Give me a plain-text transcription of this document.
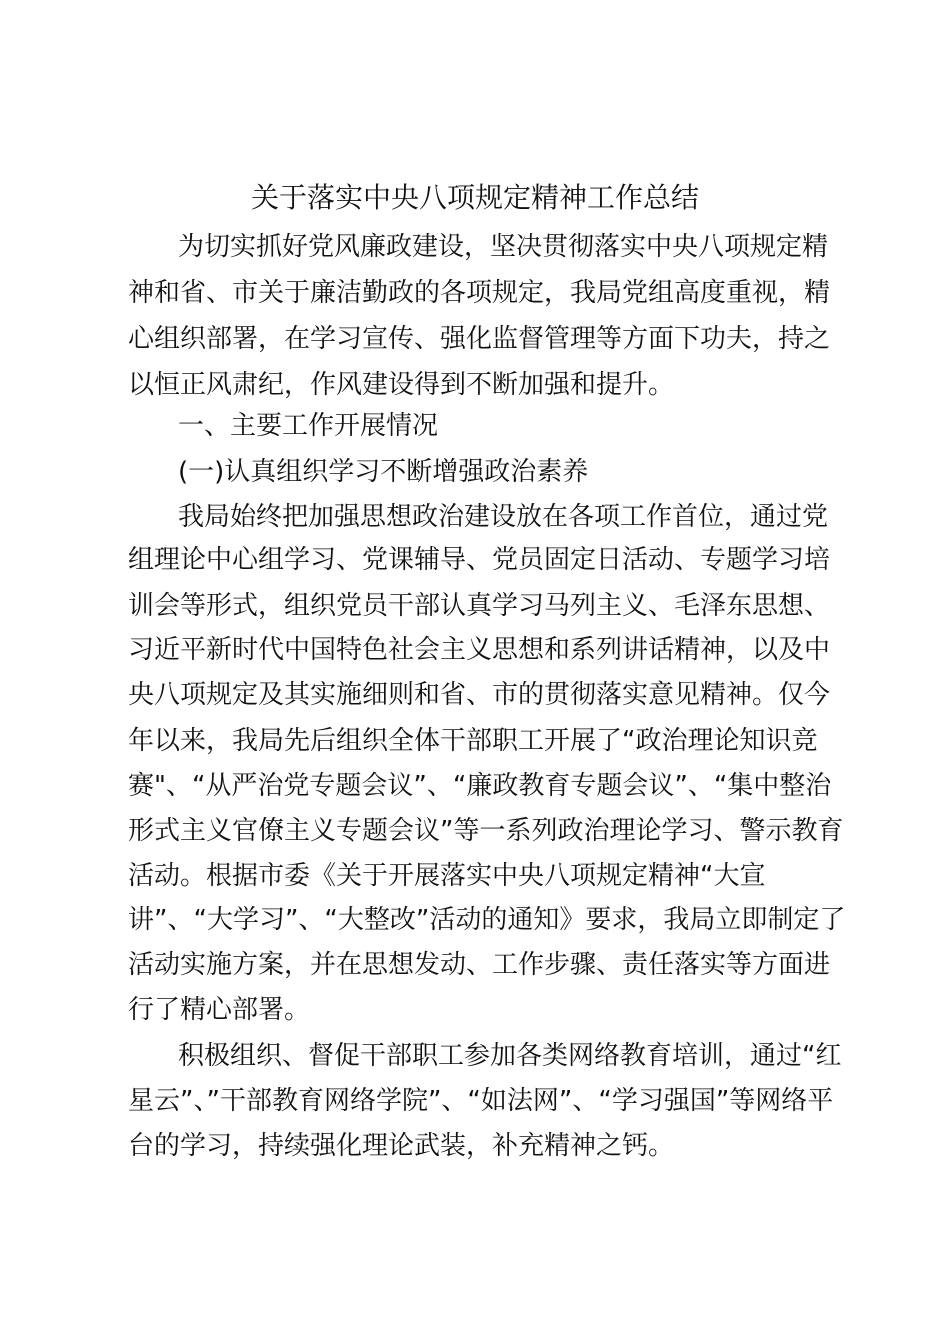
关于落实中央八项规定精神工作总结
为切实抓好党风廉政建设，坚决贯彻落实中央八项规定精
神和省、市关于廉洁勤政的各项规定，我局党组高度重视，精
心组织部署，在学习宣传、强化监督管理等方面下功夫，持之
以恒正风肃纪，作风建设得到不断加强和提升。
一、主要工作开展情况
(一)认真组织学习不断增强政治素养
我局始终把加强思想政治建设放在各项工作首位，通过党
组理论中心组学习、党课辅导、党员固定日活动、专题学习培
训会等形式，组织党员干部认真学习马列主义、毛泽东思想、
习近平新时代中国特色社会主义思想和系列讲话精神，以及中
央八项规定及其实施细则和省、市的贯彻落实意见精神。仅今
年以来，我局先后组织全体干部职工开展了“政治理论知识竞
赛"、“从严治党专题会议”、“廉政教育专题会议”、“集中整治
形式主义官僚主义专题会议”等一系列政治理论学习、警示教育
活动。根据市委《关于开展落实中央八项规定精神“大宣
讲”、“大学习”、“大整改”活动的通知》要求，我局立即制定了
活动实施方案，并在思想发动、工作步骤、责任落实等方面进
行了精心部署。
积极组织、督促干部职工参加各类网络教育培训，通过“红
星云”、”干部教育网络学院”、“如法网”、“学习强国”等网络平
台的学习，持续强化理论武装，补充精神之钙。
